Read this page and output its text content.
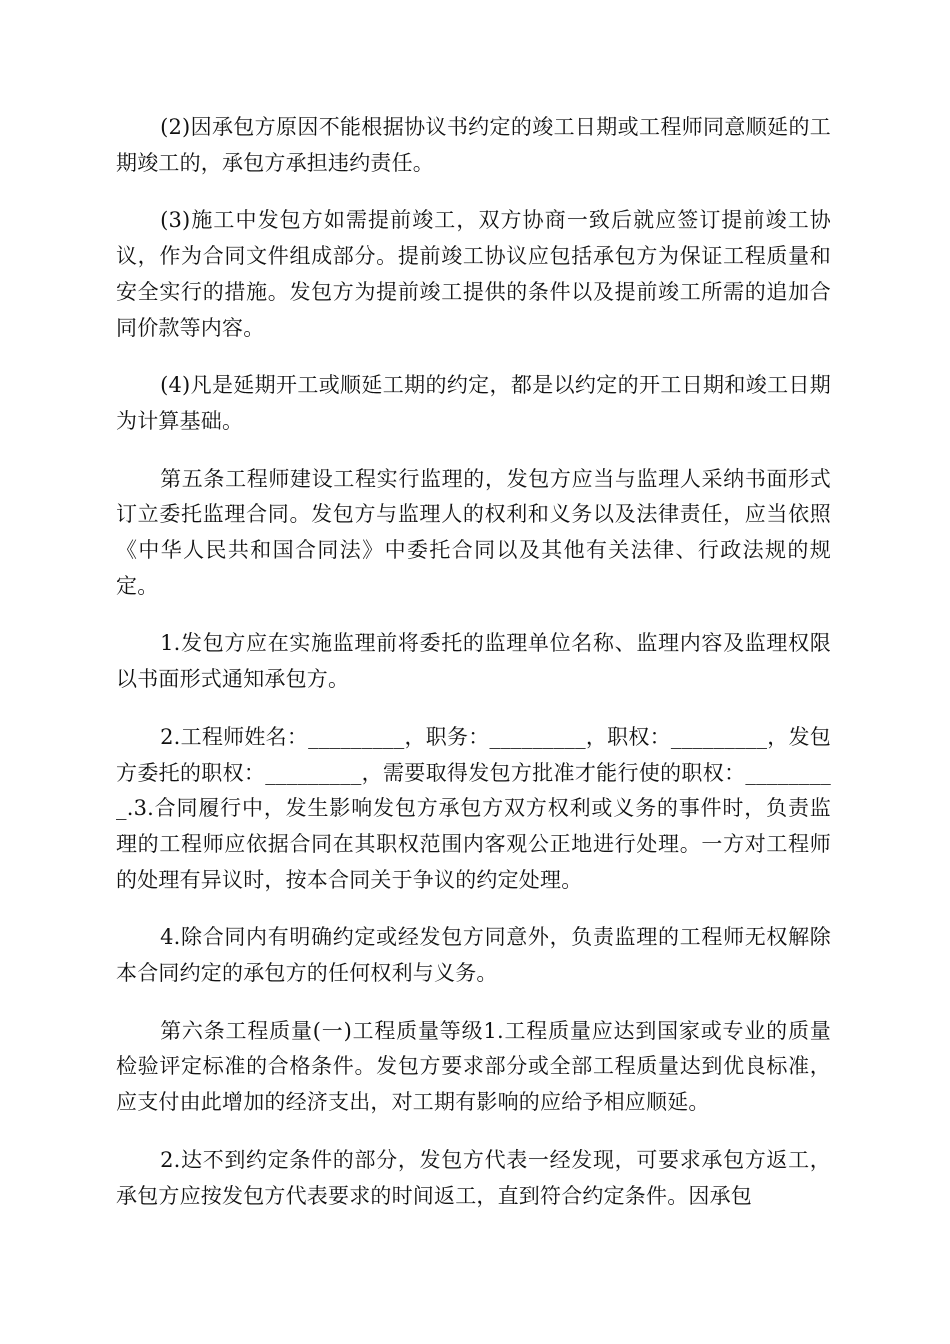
(2)因承包方原因不能根据协议书约定的竣工日期或工程师同意顺延的工期竣工的，承包方承担违约责任。

(3)施工中发包方如需提前竣工，双方协商一致后就应签订提前竣工协议，作为合同文件组成部分。提前竣工协议应包括承包方为保证工程质量和安全实行的措施。发包方为提前竣工提供的条件以及提前竣工所需的追加合同价款等内容。

(4)凡是延期开工或顺延工期的约定，都是以约定的开工日期和竣工日期为计算基础。

第五条工程师建设工程实行监理的，发包方应当与监理人采纳书面形式订立委托监理合同。发包方与监理人的权利和义务以及法律责任，应当依照《中华人民共和国合同法》中委托合同以及其他有关法律、行政法规的规定。

1.发包方应在实施监理前将委托的监理单位名称、监理内容及监理权限以书面形式通知承包方。

2.工程师姓名：_________，职务：_________，职权：_________，发包方委托的职权：_________，需要取得发包方批准才能行使的职权：_________.3.合同履行中，发生影响发包方承包方双方权利或义务的事件时，负责监理的工程师应依据合同在其职权范围内客观公正地进行处理。一方对工程师的处理有异议时，按本合同关于争议的约定处理。

4.除合同内有明确约定或经发包方同意外，负责监理的工程师无权解除本合同约定的承包方的任何权利与义务。

第六条工程质量(一)工程质量等级1.工程质量应达到国家或专业的质量检验评定标准的合格条件。发包方要求部分或全部工程质量达到优良标准，应支付由此增加的经济支出，对工期有影响的应给予相应顺延。

2.达不到约定条件的部分，发包方代表一经发现，可要求承包方返工，承包方应按发包方代表要求的时间返工，直到符合约定条件。因承包
